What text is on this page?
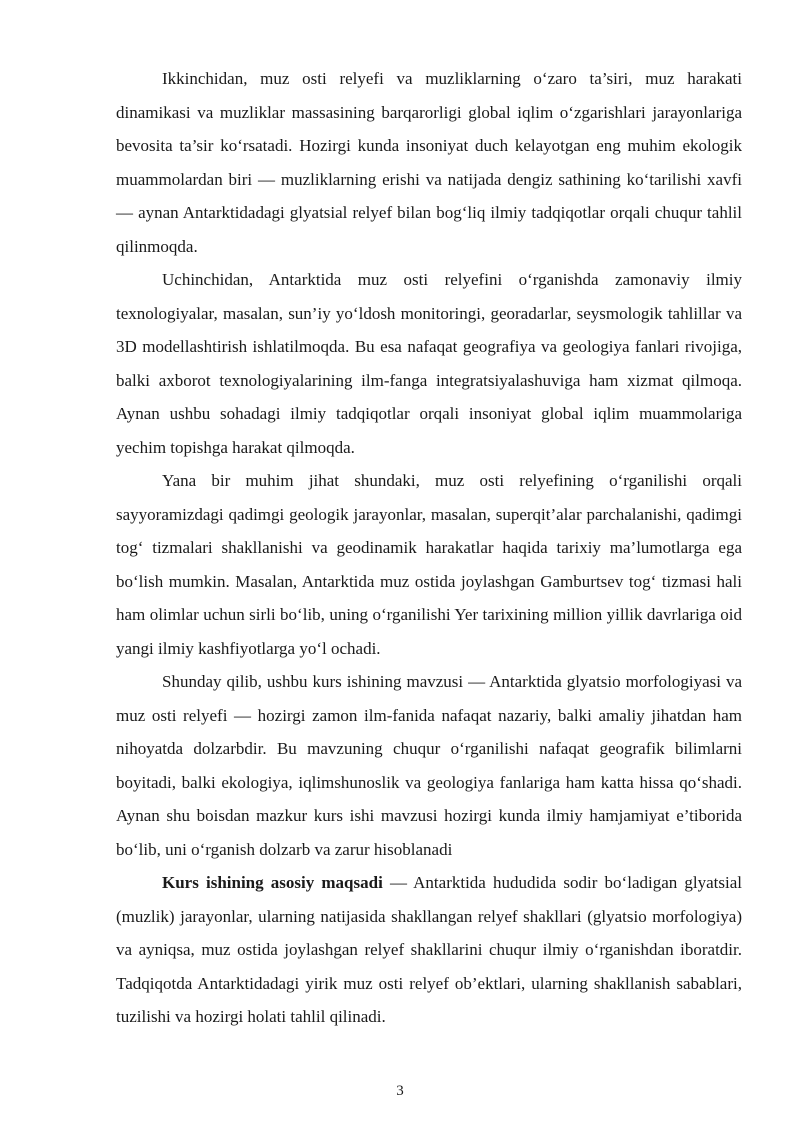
Ikkinchidan, muz osti relyefi va muzliklarning o‘zaro ta’siri, muz harakati dinamikasi va muzliklar massasining barqarorligi global iqlim o‘zgarishlari jarayonlariga bevosita ta’sir ko‘rsatadi. Hozirgi kunda insoniyat duch kelayotgan eng muhim ekologik muammolardan biri — muzliklarning erishi va natijada dengiz sathining ko‘tarilishi xavfi — aynan Antarktidadagi glyatsial relyef bilan bog‘liq ilmiy tadqiqotlar orqali chuqur tahlil qilinmoqda.

Uchinchidan, Antarktida muz osti relyefini o‘rganishda zamonaviy ilmiy texnologiyalar, masalan, sun’iy yo‘ldosh monitoringi, georadarlar, seysmologik tahlillar va 3D modellashtirish ishlatilmoqda. Bu esa nafaqat geografiya va geologiya fanlari rivojiga, balki axborot texnologiyalarining ilm-fanga integratsiyalashuviga ham xizmat qilmoqa. Aynan ushbu sohadagi ilmiy tadqiqotlar orqali insoniyat global iqlim muammolariga yechim topishga harakat qilmoqda.

Yana bir muhim jihat shundaki, muz osti relyefining o‘rganilishi orqali sayyoramizdagi qadimgi geologik jarayonlar, masalan, superqit’alar parchalanishi, qadimgi tog‘ tizmalari shakllanishi va geodinamik harakatlar haqida tarixiy ma’lumotlarga ega bo‘lish mumkin. Masalan, Antarktida muz ostida joylashgan Gamburtsev tog‘ tizmasi hali ham olimlar uchun sirli bo‘lib, uning o‘rganilishi Yer tarixining million yillik davrlariga oid yangi ilmiy kashfiyotlarga yo‘l ochadi.

Shunday qilib, ushbu kurs ishining mavzusi — Antarktida glyatsio morfologiyasi va muz osti relyefi — hozirgi zamon ilm-fanida nafaqat nazariy, balki amaliy jihatdan ham nihoyatda dolzarbdir. Bu mavzuning chuqur o‘rganilishi nafaqat geografik bilimlarni boyitadi, balki ekologiya, iqlimshunoslik va geologiya fanlariga ham katta hissa qo‘shadi. Aynan shu boisdan mazkur kurs ishi mavzusi hozirgi kunda ilmiy hamjamiyat e’tiborida bo‘lib, uni o‘rganish dolzarb va zarur hisoblanadi

Kurs ishining asosiy maqsadi — Antarktida hududida sodir bo‘ladigan glyatsial (muzlik) jarayonlar, ularning natijasida shakllangan relyef shakllari (glyatsio morfologiya) va ayniqsa, muz ostida joylashgan relyef shakllarini chuqur ilmiy o‘rganishdan iboratdir. Tadqiqotda Antarktidadagi yirik muz osti relyef ob’ektlari, ularning shakllanish sabablari, tuzilishi va hozirgi holati tahlil qilinadi.

3
